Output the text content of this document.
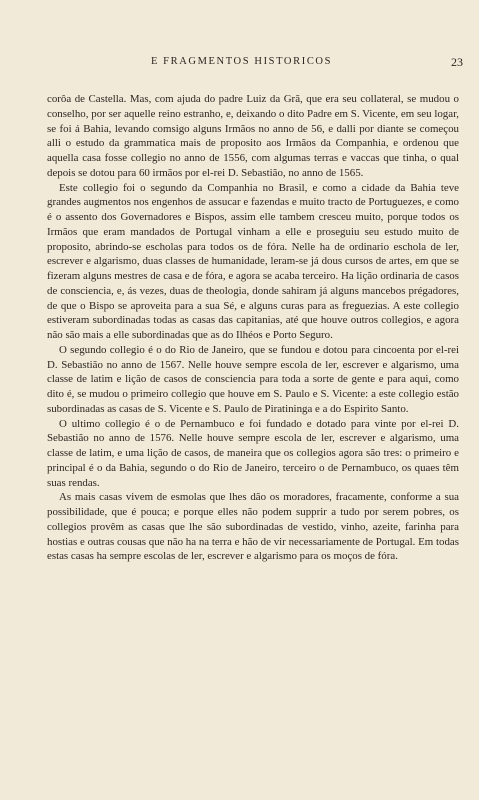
E FRAGMENTOS HISTORICOS	23

corôa de Castella. Mas, com ajuda do padre Luiz da Grã, que era seu collateral, se mudou o conselho, por ser aquelle reino estranho, e, deixando o dito Padre em S. Vicente, em seu logar, se foi á Bahia, levando comsigo alguns Irmãos no anno de 56, e dalli por diante se começou alli o estudo da grammatica mais de proposito aos Irmãos da Companhia, e ordenou que aquella casa fosse collegio no anno de 1556, com algumas terras e vaccas que tinha, o qual depois se dotou para 60 irmãos por el-rei D. Sebastião, no anno de 1565.

Este collegio foi o segundo da Companhia no Brasil, e como a cidade da Bahia teve grandes augmentos nos engenhos de assucar e fazendas e muito tracto de Portuguezes, e como é o assento dos Governadores e Bispos, assim elle tambem cresceu muito, porque todos os Irmãos que eram mandados de Portugal vinham a elle e proseguiu seu estudo muito de proposito, abrindo-se escholas para todos os de fóra. Nelle ha de ordinario eschola de ler, escrever e algarismo, duas classes de humanidade, leram-se já dous cursos de artes, em que se fizeram alguns mestres de casa e de fóra, e agora se acaba terceiro. Ha lição ordinaria de casos de consciencia, e, ás vezes, duas de theologia, donde sahiram já alguns mancebos prégadores, de que o Bispo se aproveita para a sua Sé, e alguns curas para as freguezias. A este collegio estiveram subordinadas todas as casas das capitanias, até que houve outros collegios, e agora não são mais a elle subordinadas que as do Ilhéos e Porto Seguro.

O segundo collegio é o do Rio de Janeiro, que se fundou e dotou para cincoenta por el-rei D. Sebastião no anno de 1567. Nelle houve sempre escola de ler, escrever e algarismo, uma classe de latim e lição de casos de consciencia para toda a sorte de gente e para aqui, como dito é, se mudou o primeiro collegio que houve em S. Paulo e S. Vicente: a este collegio estão subordinadas as casas de S. Vicente e S. Paulo de Piratininga e a do Espirito Santo.

O ultimo collegio é o de Pernambuco e foi fundado e dotado para vinte por el-rei D. Sebastião no anno de 1576. Nelle houve sempre escola de ler, escrever e algarismo, uma classe de latim, e uma lição de casos, de maneira que os collegios agora são tres: o primeiro e principal é o da Bahia, segundo o do Rio de Janeiro, terceiro o de Pernambuco, os quaes têm suas rendas.

As mais casas vivem de esmolas que lhes dão os moradores, fracamente, conforme a sua possibilidade, que é pouca; e porque elles não podem supprir a tudo por serem pobres, os collegios provêm as casas que lhe são subordinadas de vestido, vinho, azeite, farinha para hostias e outras cousas que não ha na terra e hão de vir necessariamente de Portugal. Em todas estas casas ha sempre escolas de ler, escrever e algarismo para os moços de fóra.
